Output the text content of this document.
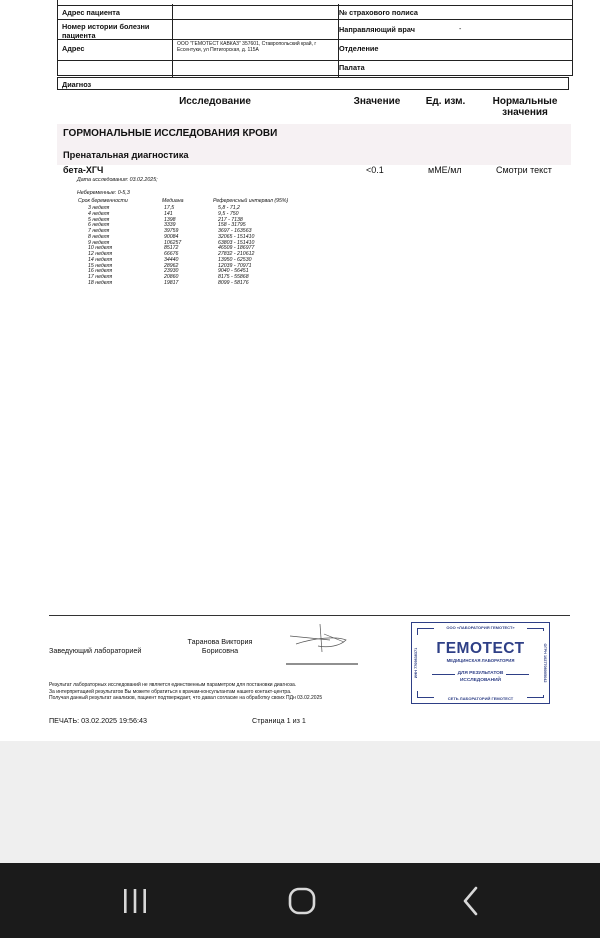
Адрес пациента	№ страхового полиса
Номер истории болезни пациента
Направляющий врач	-
Адрес	ООО "ГЕМОТЕСТ КАВКАЗ" 357601, Ставропольский край, г Ессентуки, ул Пятигорская, д. 115А	Отделение
Палата
Диагноз
Исследование	Значение	Ед. изм.	Нормальные значения
ГОРМОНАЛЬНЫЕ ИССЛЕДОВАНИЯ КРОВИ
Пренатальная диагностика
бета-ХГЧ	<0.1	мМЕ/мл	Смотри текст
Дата исследования: 03.02.2025;
Небеременные: 0-5,3
Срок беременности	Медиана	Референсный интервал (95%)
3 неделя	17,5	5,8 - 71,2
4 неделя	141	9,5 - 750
5 неделя	1398	217 - 7138
6 неделя	3339	158 - 31795
7 неделя	39759	3697 - 163563
8 неделя	90084	32065 - 151410
9 неделя	106257	63803 - 151410
10 неделя	85172	46509 - 186977
12 неделя	66676	27832 - 210612
14 неделя	34440	13950 - 62530
15 неделя	28962	12039 - 70971
16 неделя	23930	9040 - 56451
17 неделя	20860	8175 - 55868
18 неделя	19817	8099 - 58176
Заведующий лабораторией
Таранова Виктория Борисовна
Результат лабораторных исследований не является единственным параметром для постановки диагноза.
За интерпретацией результатов Вы можете обратиться к врачам-консультантам нашего контакт-центра.
Получая данный результат анализов, пациент подтверждает, что давал согласие на обработку своих ПДн 03.02.2025
ПЕЧАТЬ: 03.02.2025 19:56:43	Страница 1 из 1
ООО «ЛАБОРАТОРИЯ ГЕМОТЕСТ»
ГЕМОТЕСТ
МЕДИЦИНСКАЯ ЛАБОРАТОРИЯ
ДЛЯ РЕЗУЛЬТАТОВ
ИССЛЕДОВАНИЙ
СЕТЬ ЛАБОРАТОРИЙ ГЕМОТЕСТ
ИНН 7709838371	ОГРН 1027708005642
